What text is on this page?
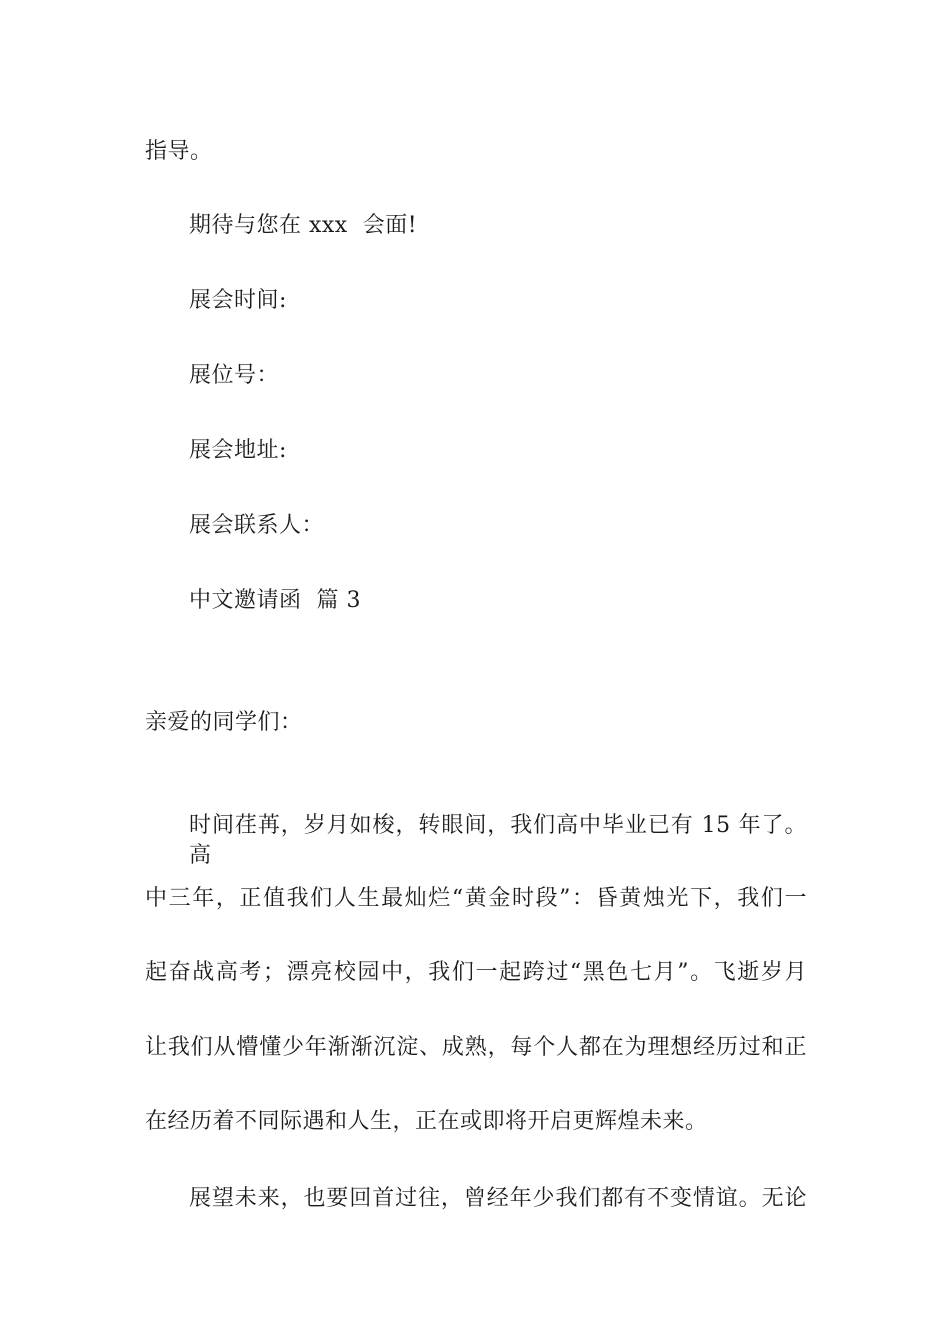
指导。
期待与您在 xxx  会面!
展会时间:
展位号：
展会地址:
展会联系人：
中文邀请函  篇 3
亲爱的同学们：
时间荏苒，岁月如梭，转眼间，我们高中毕业已有 15 年了。高
中三年，正值我们人生最灿烂“黄金时段”：昏黄烛光下，我们一
起奋战高考；漂亮校园中，我们一起跨过“黑色七月”。飞逝岁月
让我们从懵懂少年渐渐沉淀、成熟，每个人都在为理想经历过和正
在经历着不同际遇和人生，正在或即将开启更辉煌未来。
展望未来，也要回首过往，曾经年少我们都有不变情谊。无论
